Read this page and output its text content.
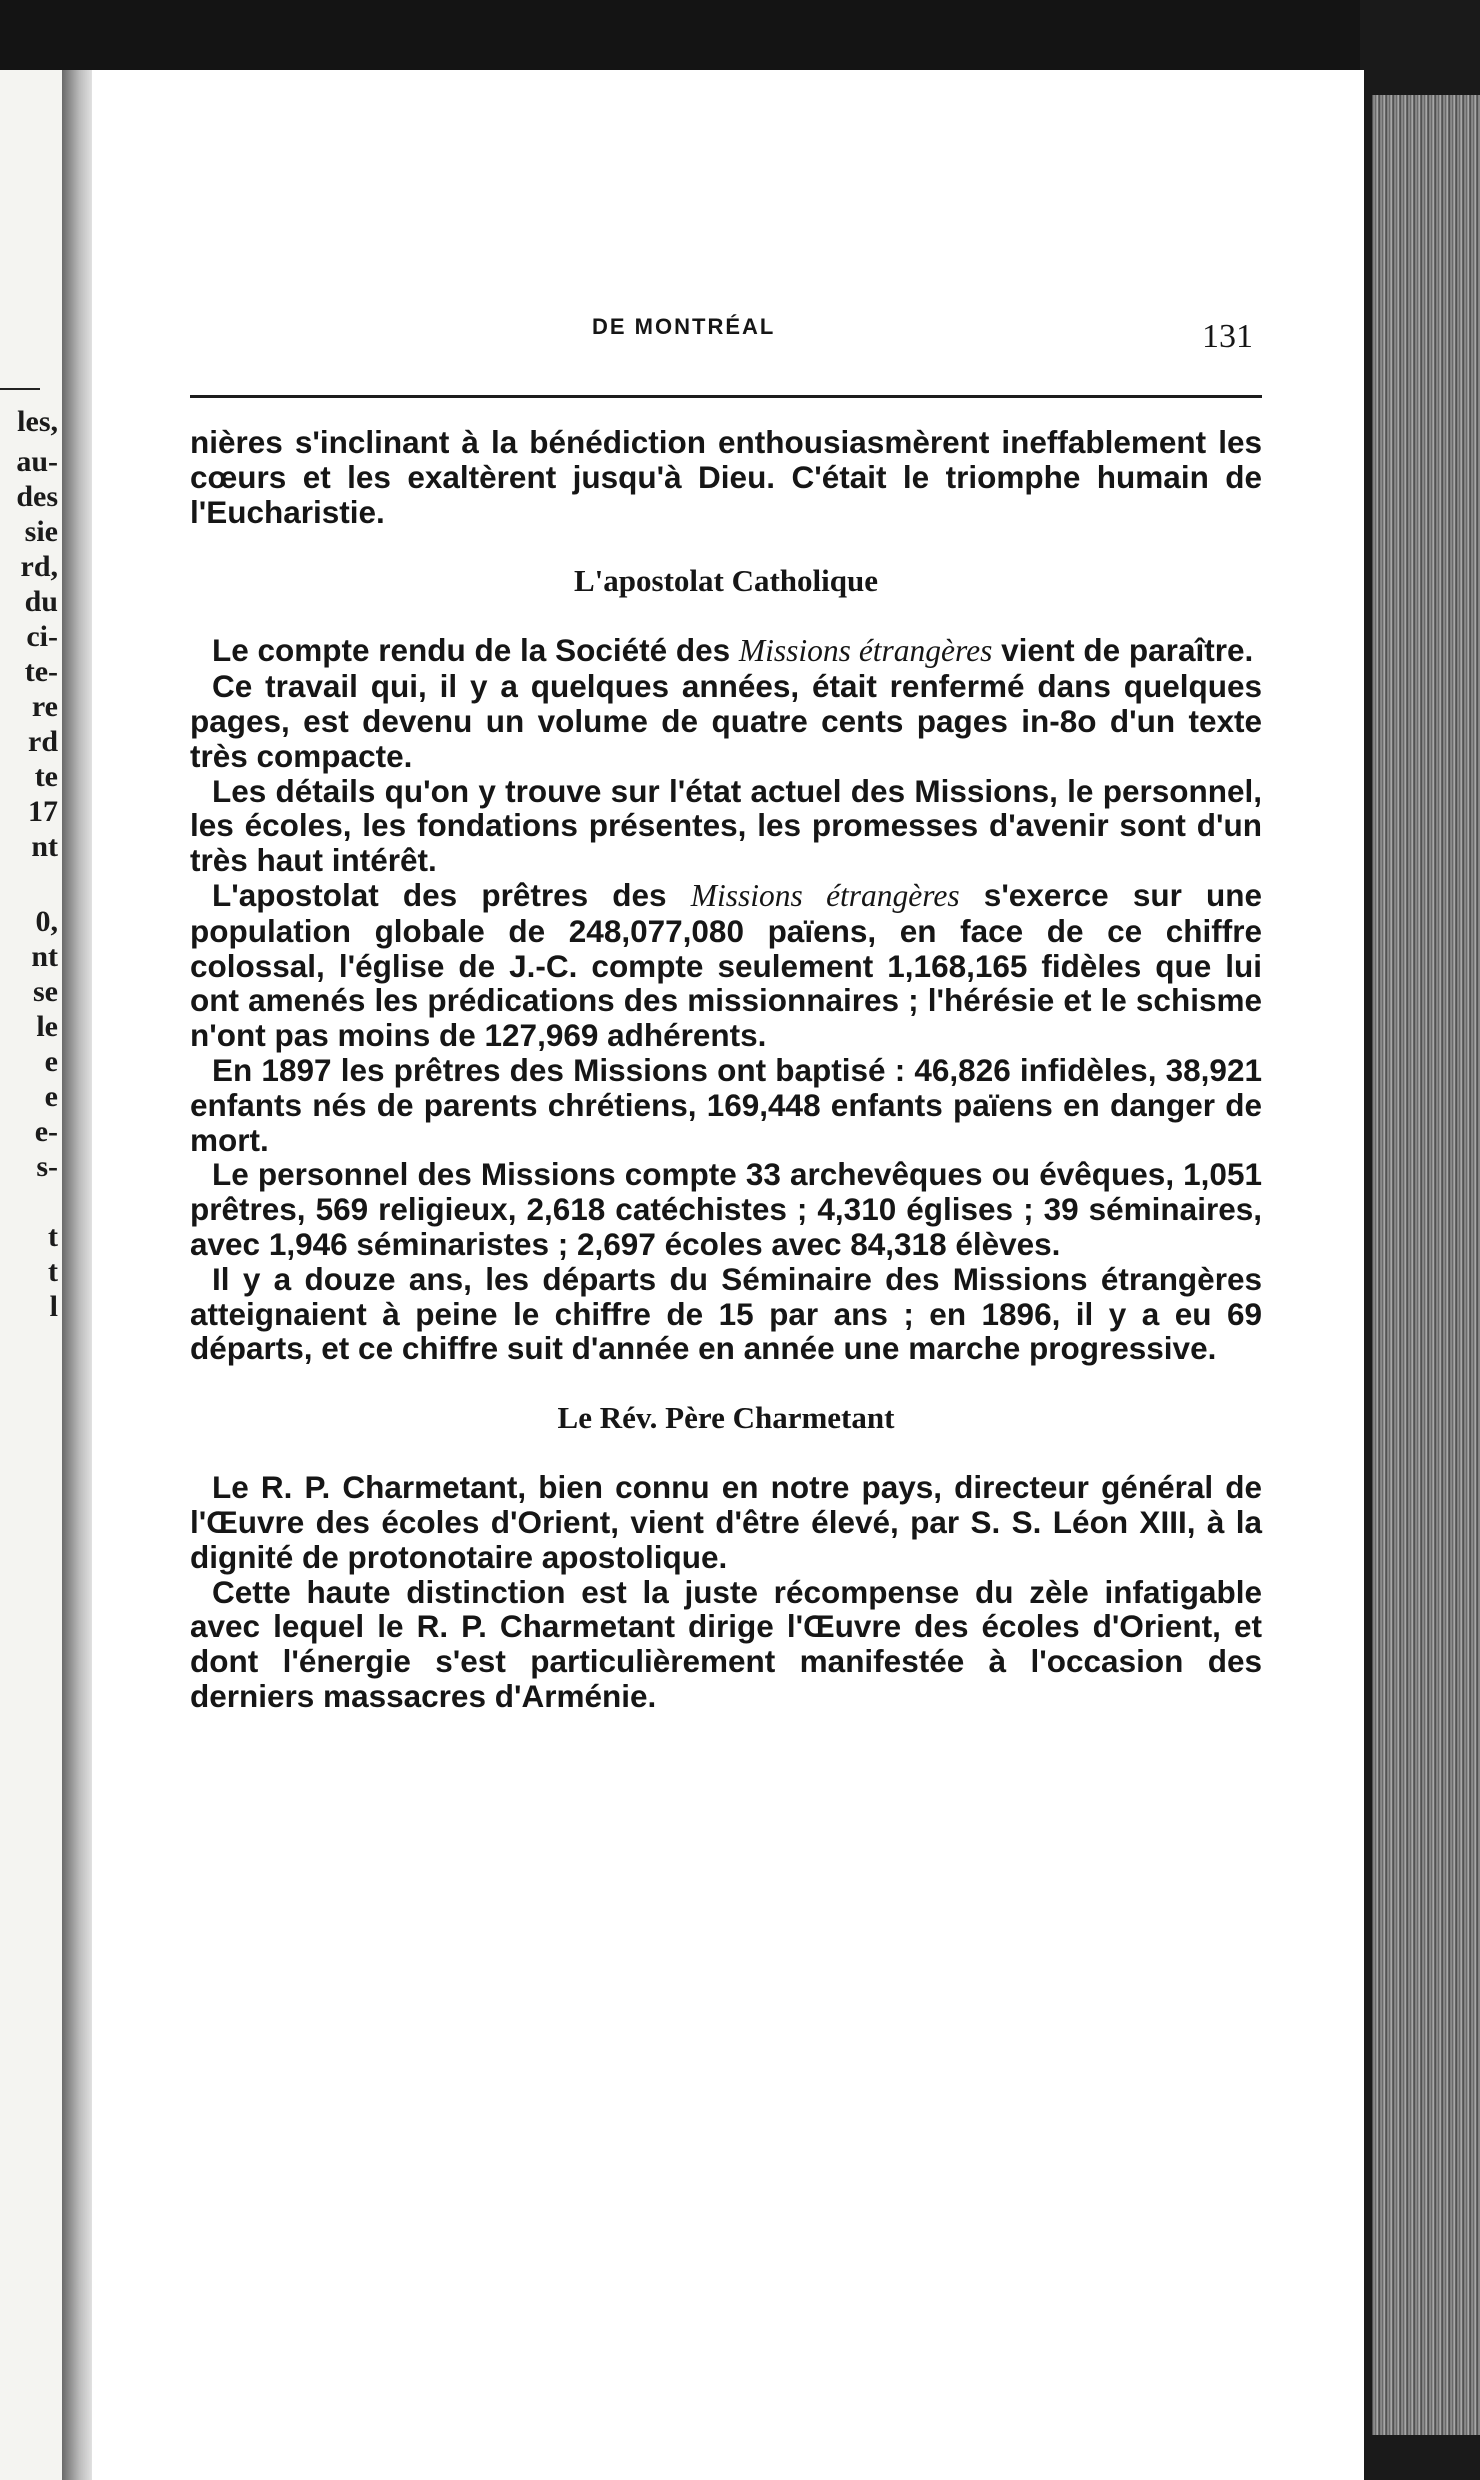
les,

au-

des

sie

rd,

du

ci-

te-

re

rd

te

17

nt

0,

nt

se

le

e

e

e-

s-

t

t

l

DE MONTRÉAL	131

nières s'inclinant à la bénédiction enthousiasmèrent ineffablement les cœurs et les exaltèrent jusqu'à Dieu. C'était le triomphe humain de l'Eucharistie.

L'apostolat Catholique

Le compte rendu de la Société des Missions étrangères vient de paraître.

Ce travail qui, il y a quelques années, était renfermé dans quelques pages, est devenu un volume de quatre cents pages in-8o d'un texte très compacte.

Les détails qu'on y trouve sur l'état actuel des Missions, le personnel, les écoles, les fondations présentes, les promesses d'avenir sont d'un très haut intérêt.

L'apostolat des prêtres des Missions étrangères s'exerce sur une population globale de 248,077,080 païens, en face de ce chiffre colossal, l'église de J.-C. compte seulement 1,168,165 fidèles que lui ont amenés les prédications des missionnaires ; l'hérésie et le schisme n'ont pas moins de 127,969 adhérents.

En 1897 les prêtres des Missions ont baptisé : 46,826 infidèles, 38,921 enfants nés de parents chrétiens, 169,448 enfants païens en danger de mort.

Le personnel des Missions compte 33 archevêques ou évêques, 1,051 prêtres, 569 religieux, 2,618 catéchistes ; 4,310 églises ; 39 séminaires, avec 1,946 séminaristes ; 2,697 écoles avec 84,318 élèves.

Il y a douze ans, les départs du Séminaire des Missions étrangères atteignaient à peine le chiffre de 15 par ans ; en 1896, il y a eu 69 départs, et ce chiffre suit d'année en année une marche progressive.

Le Rév. Père Charmetant

Le R. P. Charmetant, bien connu en notre pays, directeur général de l'Œuvre des écoles d'Orient, vient d'être élevé, par S. S. Léon XIII, à la dignité de protonotaire apostolique.

Cette haute distinction est la juste récompense du zèle infatigable avec lequel le R. P. Charmetant dirige l'Œuvre des écoles d'Orient, et dont l'énergie s'est particulièrement manifestée à l'occasion des derniers massacres d'Arménie.
